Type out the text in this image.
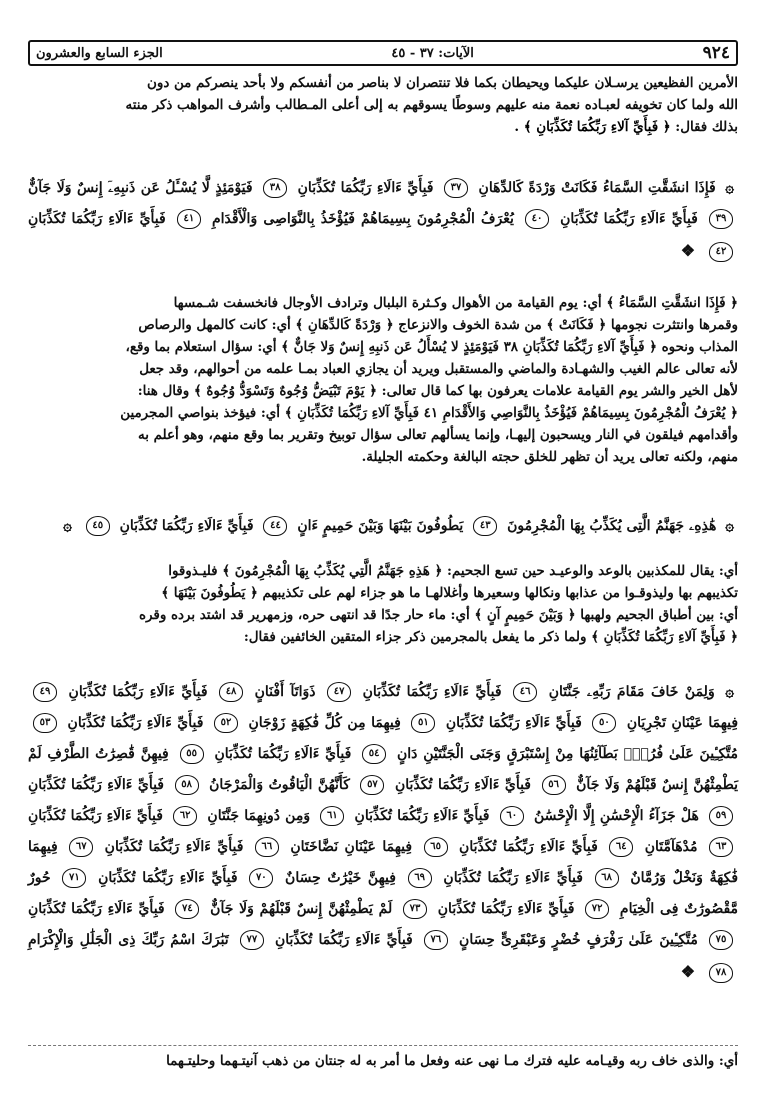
٩٢٤
الآيات: ٣٧ - ٤٥
الجزء السابع والعشرون
الأمرين الفظيعين يرسـلان عليكما ويحيطان بكما فلا تنتصران لا بناصر من أنفسكم ولا بأحد ينصركم من دون
الله ولما كان تخويفه لعبـاده نعمة منه عليهم وسوطًا يسوقهم به إلى أعلى المـطالب وأشرف المواهب ذكر منته
بذلك فقال: ﴿ فَبِأَيِّ آلاءِ رَبِّكُمَا تُكَذِّبَانِ ﴾ .
۞ فَإِذَا انشَقَّتِ السَّمَاءُ فَكَانَتْ وَرْدَةً كَالدِّهَانِ ٣٧ فَبِأَيِّ ءَالَاءِ رَبِّكُمَا تُكَذِّبَانِ ٣٨ فَيَوْمَئِذٍ لَّا يُسْـَٔلُ عَن ذَنبِهِۦٓ إِنسٌ وَلَا جَآنٌّ ٣٩ فَبِأَيِّ ءَالَاءِ رَبِّكُمَا تُكَذِّبَانِ ٤٠ يُعْرَفُ الْمُجْرِمُونَ بِسِيمَاهُمْ فَيُؤْخَذُ بِالنَّوَاصِى وَالْأَقْدَامِ ٤١ فَبِأَيِّ ءَالَاءِ رَبِّكُمَا تُكَذِّبَانِ ٤٢ ❖
﴿ فَإِذَا انشَقَّتِ السَّمَاءُ ﴾ أي: يوم القيامة من الأهوال وكـثرة البلبال وترادف الأوجال فانخسفت شـمسها
وقمرها وانتثرت نجومها ﴿ فَكَانَتْ ﴾ من شدة الخوف والانزعاج ﴿ وَرْدَةً كَالدِّهَانِ ﴾ أي: كانت كالمهل والرصاص
المذاب ونحوه ﴿ فَبِأَيِّ آلاءِ رَبِّكُمَا تُكَذِّبَانِ ٣٨ فَيَوْمَئِذٍ لا يُسْأَلُ عَن ذَنبِهِ إِنسٌ وَلا جَانٌّ ﴾ أي: سؤال استعلام بما وقع،
لأنه تعالى عالم الغيب والشهـادة والماضي والمستقبل ويريد أن يجازي العباد بمـا علمه من أحوالهم، وقد جعل
لأهل الخير والشر يوم القيامة علامات يعرفون بها كما قال تعالى: ﴿ يَوْمَ تَبْيَضُّ وُجُوهٌ وَتَسْوَدُّ وُجُوهٌ ﴾ وقال هنا:
﴿ يُعْرَفُ الْمُجْرِمُونَ بِسِيمَاهُمْ فَيُؤْخَذُ بِالنَّوَاصِي وَالأَقْدَامِ ٤١ فَبِأَيِّ آلاءِ رَبِّكُمَا تُكَذِّبَانِ ﴾ أي: فيؤخذ بنواصي المجرمين
وأقدامهم فيلقون في النار ويسحبون إليهـا، وإنما يسألهم تعالى سؤال توبيخ وتقرير بما وقع منهم، وهو أعلم به
منهم، ولكنه تعالى يريد أن تظهر للخلق حجته البالغة وحكمته الجليلة.
۞ هَٰذِهِۦ جَهَنَّمُ الَّتِى يُكَذِّبُ بِهَا الْمُجْرِمُونَ ٤٣ يَطُوفُونَ بَيْنَهَا وَبَيْنَ حَمِيمٍ ءَانٍ ٤٤ فَبِأَيِّ ءَالَاءِ رَبِّكُمَا تُكَذِّبَانِ ٤٥ ۞
أي: يقال للمكذبين بالوعد والوعيـد حين تسع الجحيم: ﴿ هَذِهِ جَهَنَّمُ الَّتِي يُكَذِّبُ بِهَا الْمُجْرِمُونَ ﴾ فليـذوقوا
تكذيبهم بها وليذوقـوا من عذابها ونكالها وسعيرها وأغلالهـا ما هو جزاء لهم على تكذيبهم ﴿ يَطُوفُونَ بَيْنَهَا ﴾
أي: بين أطباق الجحيم ولهبها ﴿ وَبَيْنَ حَمِيمٍ آنٍ ﴾ أي: ماء حار جدًا قد انتهى حره، وزمهرير قد اشتد برده وقره
﴿ فَبِأَيِّ آلاءِ رَبِّكُمَا تُكَذِّبَانِ ﴾ ولما ذكر ما يفعل بالمجرمين ذكر جزاء المتقين الخائفين فقال:
۞ وَلِمَنْ خَافَ مَقَامَ رَبِّهِۦ جَنَّتَانِ ٤٦ فَبِأَيِّ ءَالَاءِ رَبِّكُمَا تُكَذِّبَانِ ٤٧ ذَوَاتَآ أَفْنَانٍ ٤٨ فَبِأَيِّ ءَالَاءِ رَبِّكُمَا تُكَذِّبَانِ ٤٩ فِيهِمَا عَيْنَانِ تَجْرِيَانِ ٥٠ فَبِأَيِّ ءَالَاءِ رَبِّكُمَا تُكَذِّبَانِ ٥١ فِيهِمَا مِن كُلِّ فَٰكِهَةٍ زَوْجَانِ ٥٢ فَبِأَيِّ ءَالَاءِ رَبِّكُمَا تُكَذِّبَانِ ٥٣ مُتَّكِـِٔينَ عَلَىٰ فُرُشٍۭ بَطَآئِنُهَا مِنْ إِسْتَبْرَقٍ وَجَنَى الْجَنَّتَيْنِ دَانٍ ٥٤ فَبِأَيِّ ءَالَاءِ رَبِّكُمَا تُكَذِّبَانِ ٥٥ فِيهِنَّ قَٰصِرَٰتُ الطَّرْفِ لَمْ يَطْمِثْهُنَّ إِنسٌ قَبْلَهُمْ وَلَا جَآنٌّ ٥٦ فَبِأَيِّ ءَالَاءِ رَبِّكُمَا تُكَذِّبَانِ ٥٧ كَأَنَّهُنَّ الْيَاقُوتُ وَالْمَرْجَانُ ٥٨ فَبِأَيِّ ءَالَاءِ رَبِّكُمَا تُكَذِّبَانِ ٥٩ هَلْ جَزَآءُ الْإِحْسَٰنِ إِلَّا الْإِحْسَٰنُ ٦٠ فَبِأَيِّ ءَالَاءِ رَبِّكُمَا تُكَذِّبَانِ ٦١ وَمِن دُونِهِمَا جَنَّتَانِ ٦٢ فَبِأَيِّ ءَالَاءِ رَبِّكُمَا تُكَذِّبَانِ ٦٣ مُدْهَآمَّتَانِ ٦٤ فَبِأَيِّ ءَالَاءِ رَبِّكُمَا تُكَذِّبَانِ ٦٥ فِيهِمَا عَيْنَانِ نَضَّاخَتَانِ ٦٦ فَبِأَيِّ ءَالَاءِ رَبِّكُمَا تُكَذِّبَانِ ٦٧ فِيهِمَا فَٰكِهَةٌ وَنَخْلٌ وَرُمَّانٌ ٦٨ فَبِأَيِّ ءَالَاءِ رَبِّكُمَا تُكَذِّبَانِ ٦٩ فِيهِنَّ خَيْرَٰتٌ حِسَانٌ ٧٠ فَبِأَيِّ ءَالَاءِ رَبِّكُمَا تُكَذِّبَانِ ٧١ حُورٌ مَّقْصُورَٰتٌ فِى الْخِيَامِ ٧٢ فَبِأَيِّ ءَالَاءِ رَبِّكُمَا تُكَذِّبَانِ ٧٣ لَمْ يَطْمِثْهُنَّ إِنسٌ قَبْلَهُمْ وَلَا جَآنٌّ ٧٤ فَبِأَيِّ ءَالَاءِ رَبِّكُمَا تُكَذِّبَانِ ٧٥ مُتَّكِـِٔينَ عَلَىٰ رَفْرَفٍ خُضْرٍ وَعَبْقَرِىٍّ حِسَانٍ ٧٦ فَبِأَيِّ ءَالَاءِ رَبِّكُمَا تُكَذِّبَانِ ٧٧ تَبَٰرَكَ اسْمُ رَبِّكَ ذِى الْجَلَٰلِ وَالْإِكْرَامِ ٧٨ ❖
أي: والذى خاف ربه وقيـامه عليه فترك مـا نهى عنه وفعل ما أمر به له جنتان من ذهب آنيتـهما وحليتـهما
